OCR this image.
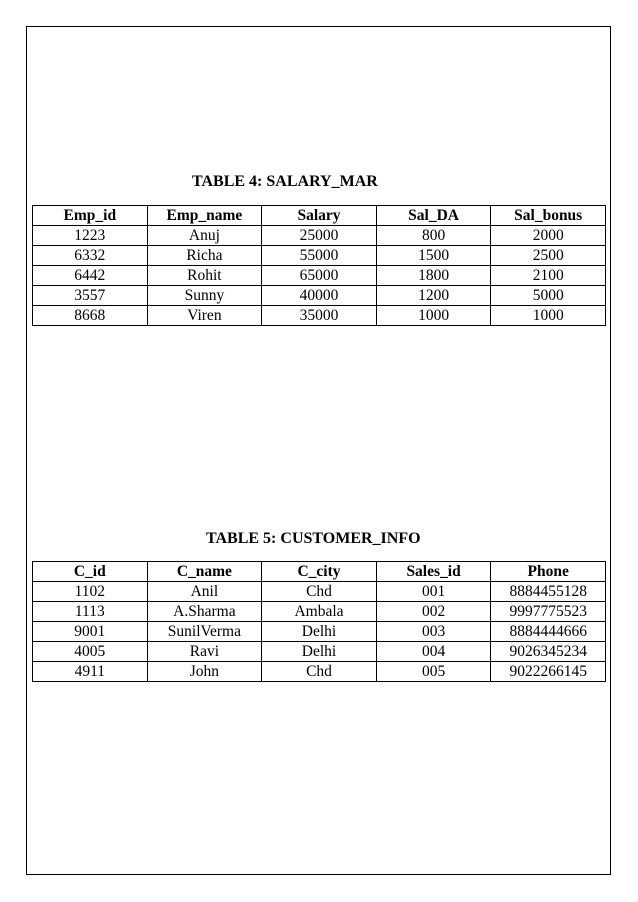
TABLE 4: SALARY_MAR
Emp_id	Emp_name	Salary	Sal_DA	Sal_bonus
1223	Anuj	25000	800	2000
6332	Richa	55000	1500	2500
6442	Rohit	65000	1800	2100
3557	Sunny	40000	1200	5000
8668	Viren	35000	1000	1000
TABLE 5: CUSTOMER_INFO
C_id	C_name	C_city	Sales_id	Phone
1102	Anil	Chd	001	8884455128
1113	A.Sharma	Ambala	002	9997775523
9001	SunilVerma	Delhi	003	8884444666
4005	Ravi	Delhi	004	9026345234
4911	John	Chd	005	9022266145
